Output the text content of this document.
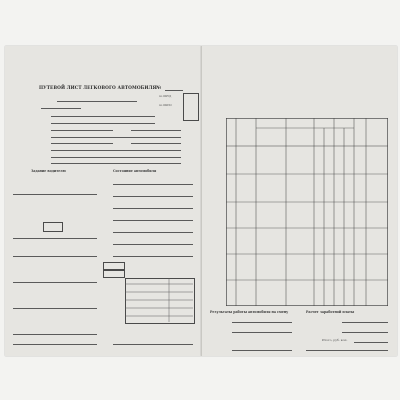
ПУТЕВОЙ ЛИСТ ЛЕГКОВОГО АВТОМОБИЛЯ №
по ОКУД
по ОКПО
Задание водителю	Состояние автомобиля
Результаты работы автомобиля на смену	Расчет заработной платы
Итого, руб. коп.
